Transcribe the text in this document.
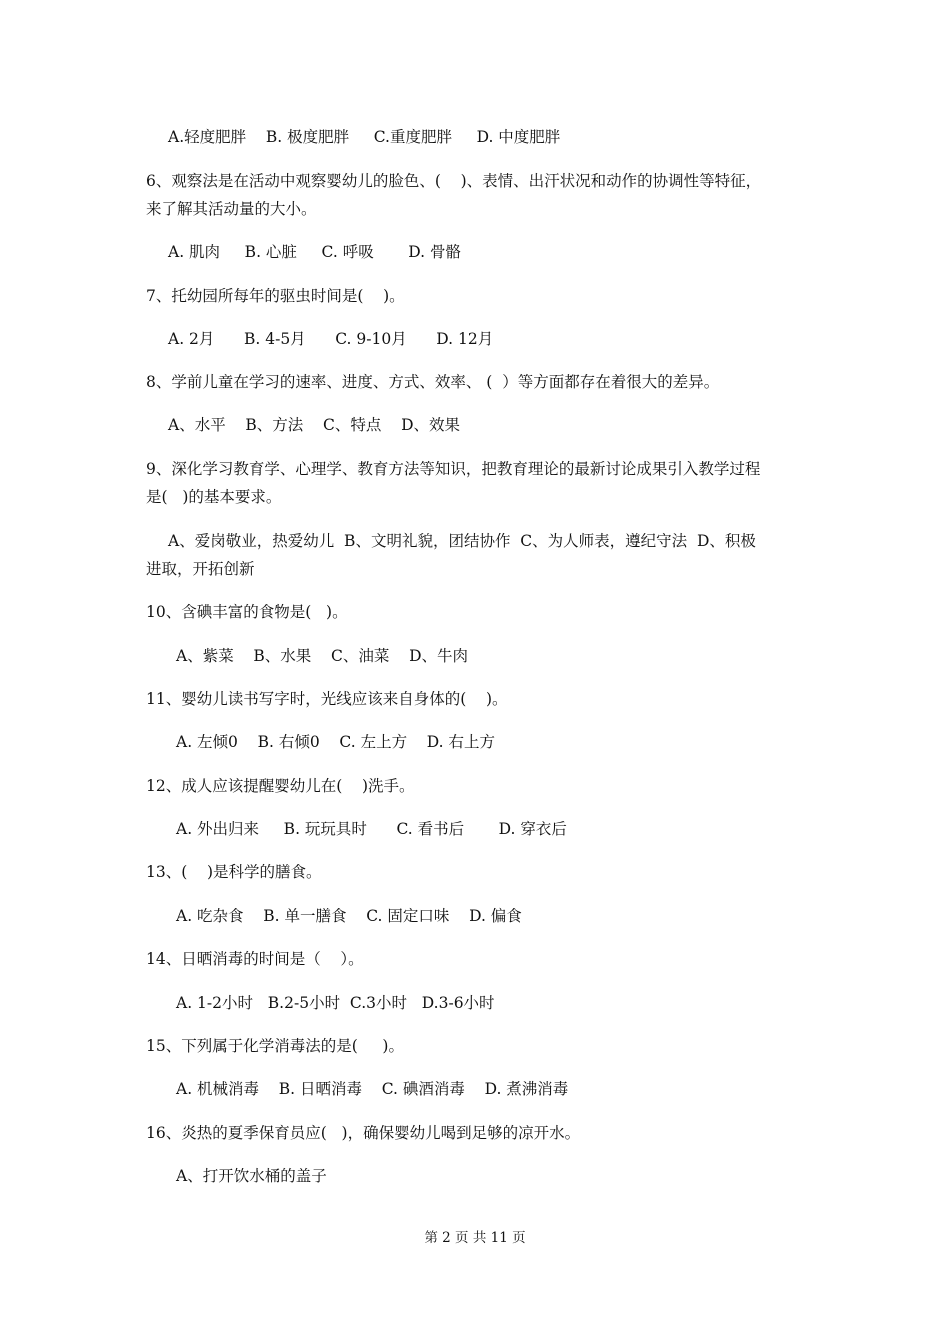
A.轻度肥胖    B. 极度肥胖     C.重度肥胖     D. 中度肥胖
6、观察法是在活动中观察婴幼儿的脸色、(    )、表情、出汗状况和动作的协调性等特征，
来了解其活动量的大小。
A. 肌肉     B. 心脏     C. 呼吸       D. 骨骼
7、托幼园所每年的驱虫时间是(    )。
A. 2月      B. 4-5月      C. 9-10月      D. 12月
8、学前儿童在学习的速率、进度、方式、效率、 (  ）等方面都存在着很大的差异。
A、水平    B、方法    C、特点    D、效果
9、深化学习教育学、心理学、教育方法等知识，把教育理论的最新讨论成果引入教学过程
是(   )的基本要求。
A、爱岗敬业，热爱幼儿  B、文明礼貌，团结协作  C、为人师表，遵纪守法  D、积极
进取，开拓创新
10、含碘丰富的食物是(   )。
A、紫菜    B、水果    C、油菜    D、牛肉
11、婴幼儿读书写字时，光线应该来自身体的(    )。
A. 左倾0    B. 右倾0    C. 左上方    D. 右上方
12、成人应该提醒婴幼儿在(    )洗手。
A. 外出归来     B. 玩玩具时      C. 看书后       D. 穿衣后
13、(    )是科学的膳食。
A. 吃杂食    B. 单一膳食    C. 固定口味    D. 偏食
14、日晒消毒的时间是（    ）。
A. 1-2小时   B.2-5小时  C.3小时   D.3-6小时
15、下列属于化学消毒法的是(     )。
A. 机械消毒    B. 日晒消毒    C. 碘酒消毒    D. 煮沸消毒
16、炎热的夏季保育员应(   )，确保婴幼儿喝到足够的凉开水。
A、打开饮水桶的盖子
第 2 页 共 11 页
